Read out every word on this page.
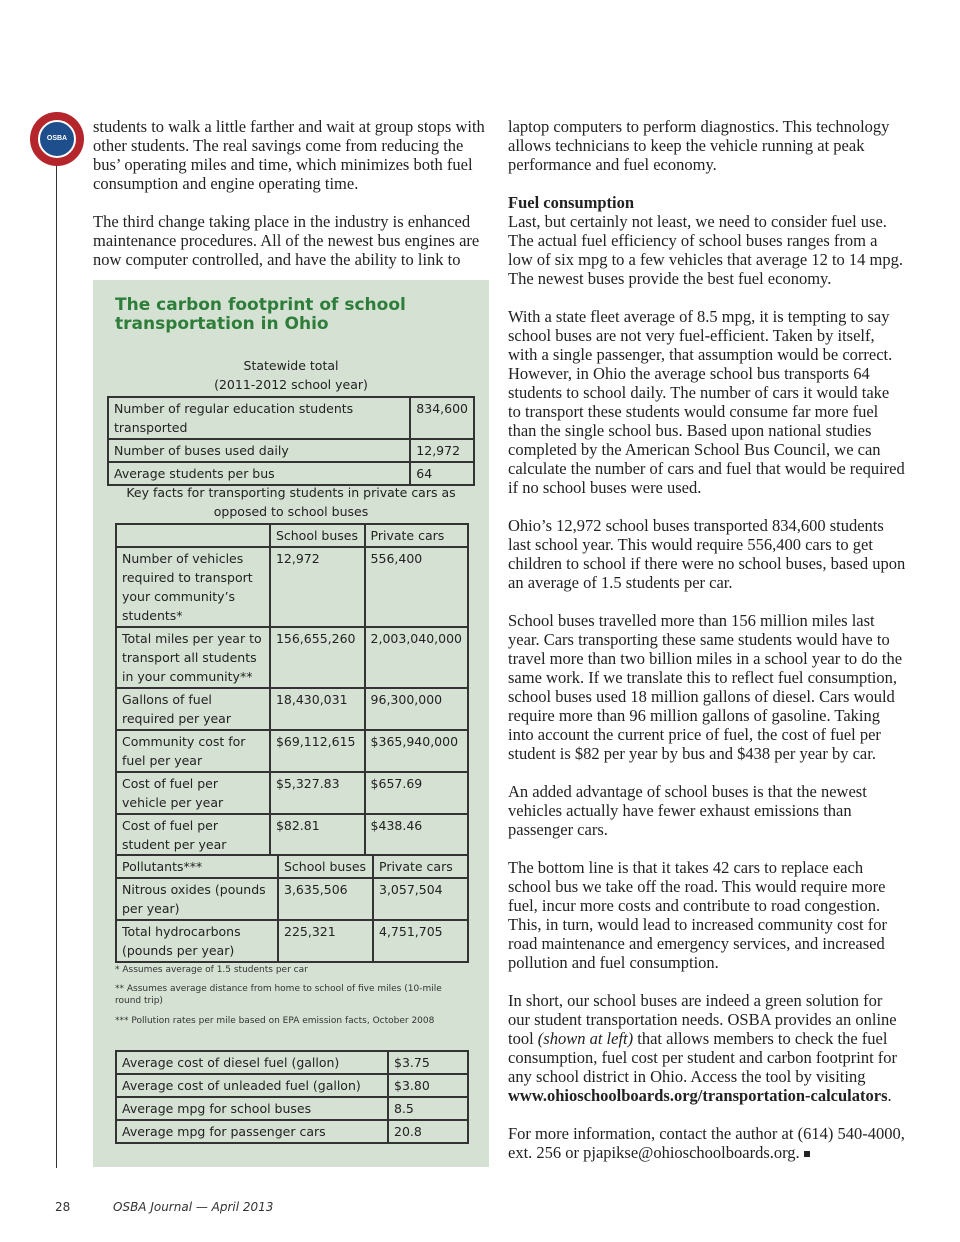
OSBA

students to walk a little farther and wait at group stops with other students. The real savings come from reducing the bus’ operating miles and time, which minimizes both fuel consumption and engine operating time.

The third change taking place in the industry is enhanced maintenance procedures. All of the newest bus engines are now computer controlled, and have the ability to link to

The carbon footprint of school transportation in Ohio
Statewide total
(2011-2012 school year)
Number of regular education students transported	834,600
Number of buses used daily	12,972
Average students per bus	64
Key facts for transporting students in private cars as opposed to school buses
	School buses	Private cars
Number of vehicles required to transport your community’s students*	12,972	556,400
Total miles per year to transport all students in your community**	156,655,260	2,003,040,000
Gallons of fuel required per year	18,430,031	96,300,000
Community cost for fuel per year	$69,112,615	$365,940,000
Cost of fuel per vehicle per year	$5,327.83	$657.69
Cost of fuel per student per year	$82.81	$438.46
Pollutants***	School buses	Private cars
Nitrous oxides (pounds per year)	3,635,506	3,057,504
Total hydrocarbons (pounds per year)	225,321	4,751,705
* Assumes average of 1.5 students per car
** Assumes average distance from home to school of five miles (10-mile round trip)
*** Pollution rates per mile based on EPA emission facts, October 2008
Average cost of diesel fuel (gallon)	$3.75
Average cost of unleaded fuel (gallon)	$3.80
Average mpg for school buses	8.5
Average mpg for passenger cars	20.8

laptop computers to perform diagnostics. This technology allows technicians to keep the vehicle running at peak performance and fuel economy.

Fuel consumption

Last, but certainly not least, we need to consider fuel use. The actual fuel efficiency of school buses ranges from a low of six mpg to a few vehicles that average 12 to 14 mpg. The newest buses provide the best fuel economy.

With a state fleet average of 8.5 mpg, it is tempting to say school buses are not very fuel-efficient. Taken by itself, with a single passenger, that assumption would be correct. However, in Ohio the average school bus transports 64 students to school daily. The number of cars it would take to transport these students would consume far more fuel than the single school bus. Based upon national studies completed by the American School Bus Council, we can calculate the number of cars and fuel that would be required if no school buses were used.

Ohio’s 12,972 school buses transported 834,600 students last school year. This would require 556,400 cars to get children to school if there were no school buses, based upon an average of 1.5 students per car.

School buses travelled more than 156 million miles last year. Cars transporting these same students would have to travel more than two billion miles in a school year to do the same work. If we translate this to reflect fuel consumption, school buses used 18 million gallons of diesel. Cars would require more than 96 million gallons of gasoline. Taking into account the current price of fuel, the cost of fuel per student is $82 per year by bus and $438 per year by car.

An added advantage of school buses is that the newest vehicles actually have fewer exhaust emissions than passenger cars.

The bottom line is that it takes 42 cars to replace each school bus we take off the road. This would require more fuel, incur more costs and contribute to road congestion. This, in turn, would lead to increased community cost for road maintenance and emergency services, and increased pollution and fuel consumption.

In short, our school buses are indeed a green solution for our student transportation needs. OSBA provides an online tool (shown at left) that allows members to check the fuel consumption, fuel cost per student and carbon footprint for any school district in Ohio. Access the tool by visiting www.ohioschoolboards.org/transportation-calculators.

For more information, contact the author at (614) 540-4000, ext. 256 or pjapikse@ohioschoolboards.org.

28	OSBA Journal — April 2013
